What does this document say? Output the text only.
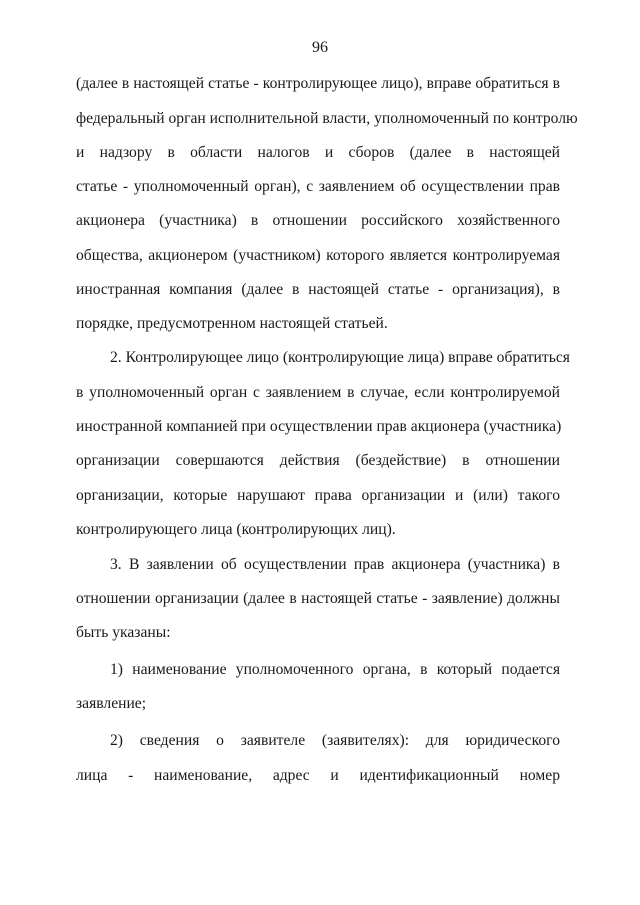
96
(далее в настоящей статье - контролирующее лицо), вправе обратиться в
федеральный орган исполнительной власти, уполномоченный по контролю
и надзору в области налогов и сборов (далее в настоящей
статье - уполномоченный орган), с заявлением об осуществлении прав
акционера (участника) в отношении российского хозяйственного
общества, акционером (участником) которого является контролируемая
иностранная компания (далее в настоящей статье - организация), в
порядке, предусмотренном настоящей статьей.
2. Контролирующее лицо (контролирующие лица) вправе обратиться
в уполномоченный орган с заявлением в случае, если контролируемой
иностранной компанией при осуществлении прав акционера (участника)
организации совершаются действия (бездействие) в отношении
организации, которые нарушают права организации и (или) такого
контролирующего лица (контролирующих лиц).
3. В заявлении об осуществлении прав акционера (участника) в
отношении организации (далее в настоящей статье - заявление) должны
быть указаны:
1) наименование уполномоченного органа, в который подается
заявление;
2) сведения о заявителе (заявителях): для юридического
лица - наименование, адрес и идентификационный номер
